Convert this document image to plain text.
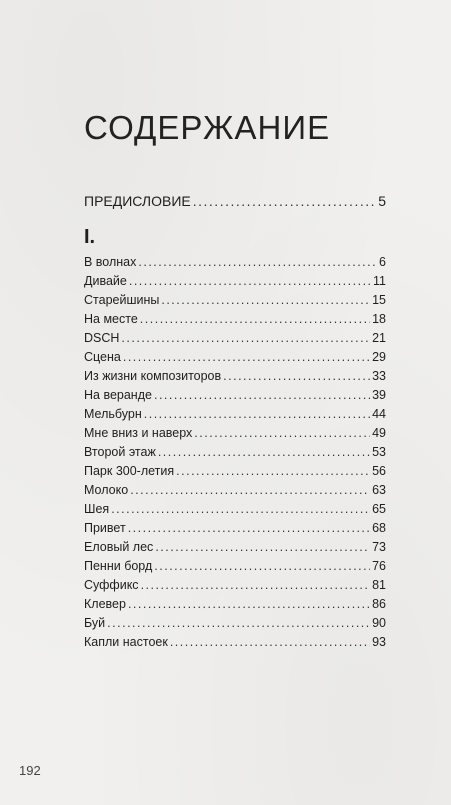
СОДЕРЖАНИЕ
ПРЕДИСЛОВИЕ .....	5
I.
В волнах .....	6
Дивайе .....	11
Старейшины .....	15
На месте .....	18
DSCH .....	21
Сцена .....	29
Из жизни композиторов .....	33
На веранде .....	39
Мельбурн .....	44
Мне вниз и наверх .....	49
Второй этаж .....	53
Парк 300-летия .....	56
Молоко .....	63
Шея .....	65
Привет .....	68
Еловый лес .....	73
Пенни борд .....	76
Суффикс .....	81
Клевер .....	86
Буй .....	90
Капли настоек .....	93
192
